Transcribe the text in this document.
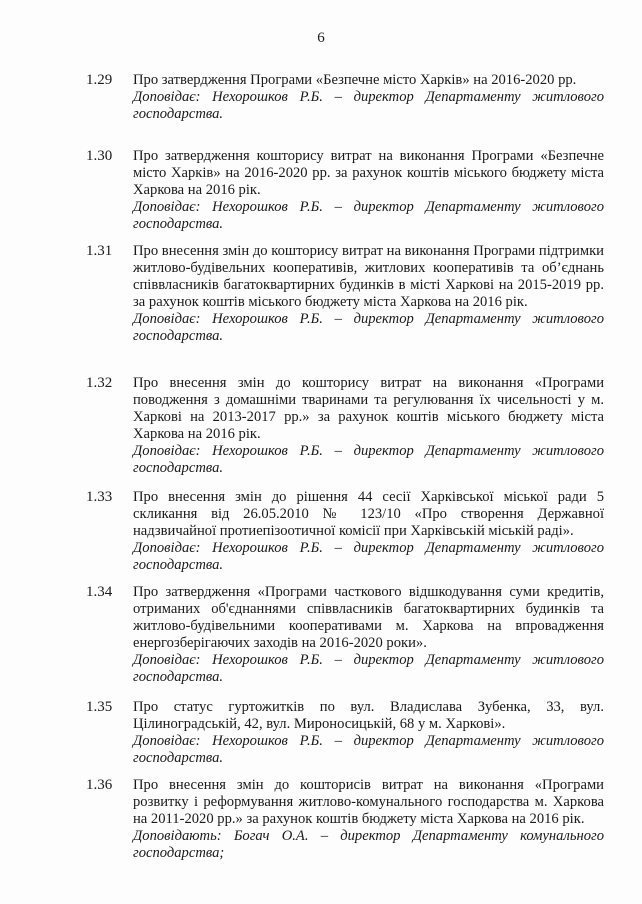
6
1.29 Про затвердження Програми «Безпечне місто Харків» на 2016-2020 рр.

Доповідає: Нехорошков Р.Б. – директор Департаменту житлового господарства.

1.30 Про затвердження кошторису витрат на виконання Програми «Безпечне місто Харків» на 2016-2020 рр. за рахунок коштів міського бюджету міста Харкова на 2016 рік.

Доповідає: Нехорошков Р.Б. – директор Департаменту житлового господарства.

1.31 Про внесення змін до кошторису витрат на виконання Програми підтримки житлово-будівельних кооперативів, житлових кооперативів та об’єднань співвласників багатоквартирних будинків в місті Харкові на 2015-2019 рр. за рахунок коштів міського бюджету міста Харкова на 2016 рік.

Доповідає: Нехорошков Р.Б. – директор Департаменту житлового господарства.

1.32 Про внесення змін до кошторису витрат на виконання «Програми поводження з домашніми тваринами та регулювання їх чисельності у м. Харкові на 2013-2017 рр.» за рахунок коштів міського бюджету міста Харкова на 2016 рік.

Доповідає: Нехорошков Р.Б. – директор Департаменту житлового господарства.

1.33 Про внесення змін до рішення 44 сесії Харківської міської ради 5 скликання від 26.05.2010 № 123/10 «Про створення Державної надзвичайної протиепізоотичної комісії при Харківській міській раді».

Доповідає: Нехорошков Р.Б. – директор Департаменту житлового господарства.

1.34 Про затвердження «Програми часткового відшкодування суми кредитів, отриманих об'єднаннями співвласників багатоквартирних будинків та житлово-будівельними кооперативами м. Харкова на впровадження енергозберігаючих заходів на 2016-2020 роки».

Доповідає: Нехорошков Р.Б. – директор Департаменту житлового господарства.

1.35 Про статус гуртожитків по вул. Владислава Зубенка, 33, вул. Цілиноградській, 42, вул. Мироносицькій, 68 у м. Харкові».

Доповідає: Нехорошков Р.Б. – директор Департаменту житлового господарства.

1.36 Про внесення змін до кошторисів витрат на виконання «Програми розвитку і реформування житлово-комунального господарства м. Харкова на 2011-2020 рр.» за рахунок коштів бюджету міста Харкова на 2016 рік.

Доповідають: Богач О.А. – директор Департаменту комунального господарства;
